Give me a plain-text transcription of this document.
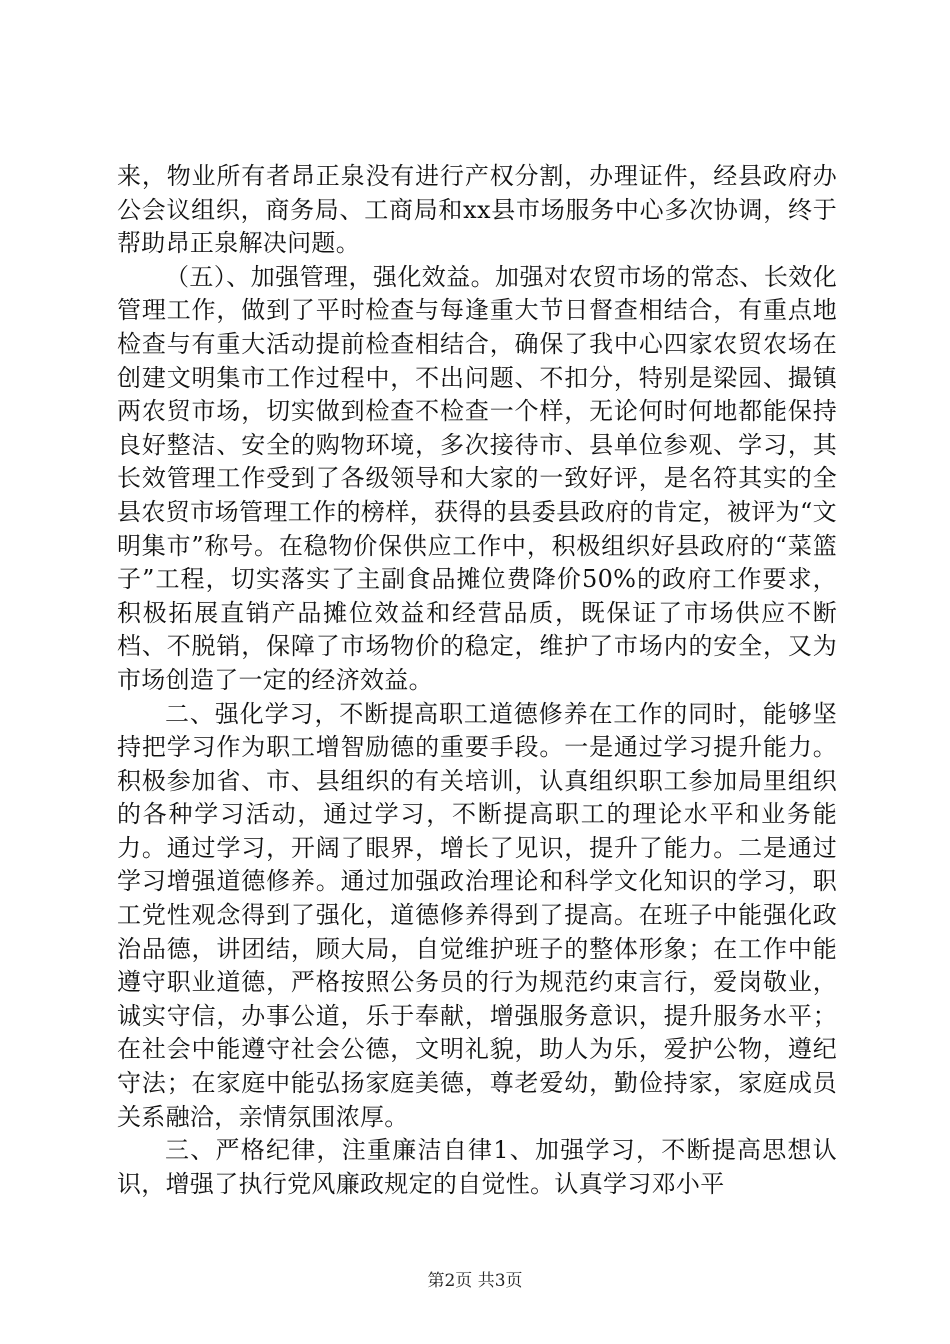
来，物业所有者昂正泉没有进行产权分割，办理证件，经县政府办公会议组织，商务局、工商局和xx县市场服务中心多次协调，终于帮助昂正泉解决问题。

（五）、加强管理，强化效益。加强对农贸市场的常态、长效化管理工作，做到了平时检查与每逢重大节日督查相结合，有重点地检查与有重大活动提前检查相结合，确保了我中心四家农贸农场在创建文明集市工作过程中，不出问题、不扣分，特别是梁园、撮镇两农贸市场，切实做到检查不检查一个样，无论何时何地都能保持良好整洁、安全的购物环境，多次接待市、县单位参观、学习，其长效管理工作受到了各级领导和大家的一致好评，是名符其实的全县农贸市场管理工作的榜样，获得的县委县政府的肯定，被评为“文明集市”称号。在稳物价保供应工作中，积极组织好县政府的“菜篮子”工程，切实落实了主副食品摊位费降价50%的政府工作要求，积极拓展直销产品摊位效益和经营品质，既保证了市场供应不断档、不脱销，保障了市场物价的稳定，维护了市场内的安全，又为市场创造了一定的经济效益。

二、强化学习，不断提高职工道德修养在工作的同时，能够坚持把学习作为职工增智励德的重要手段。一是通过学习提升能力。积极参加省、市、县组织的有关培训，认真组织职工参加局里组织的各种学习活动，通过学习，不断提高职工的理论水平和业务能力。通过学习，开阔了眼界，增长了见识，提升了能力。二是通过学习增强道德修养。通过加强政治理论和科学文化知识的学习，职工党性观念得到了强化，道德修养得到了提高。在班子中能强化政治品德，讲团结，顾大局，自觉维护班子的整体形象；在工作中能遵守职业道德，严格按照公务员的行为规范约束言行，爱岗敬业，诚实守信，办事公道，乐于奉献，增强服务意识，提升服务水平；在社会中能遵守社会公德，文明礼貌，助人为乐，爱护公物，遵纪守法；在家庭中能弘扬家庭美德，尊老爱幼，勤俭持家，家庭成员关系融洽，亲情氛围浓厚。

三、严格纪律，注重廉洁自律1、加强学习，不断提高思想认识，增强了执行党风廉政规定的自觉性。认真学习邓小平

第2页 共3页
